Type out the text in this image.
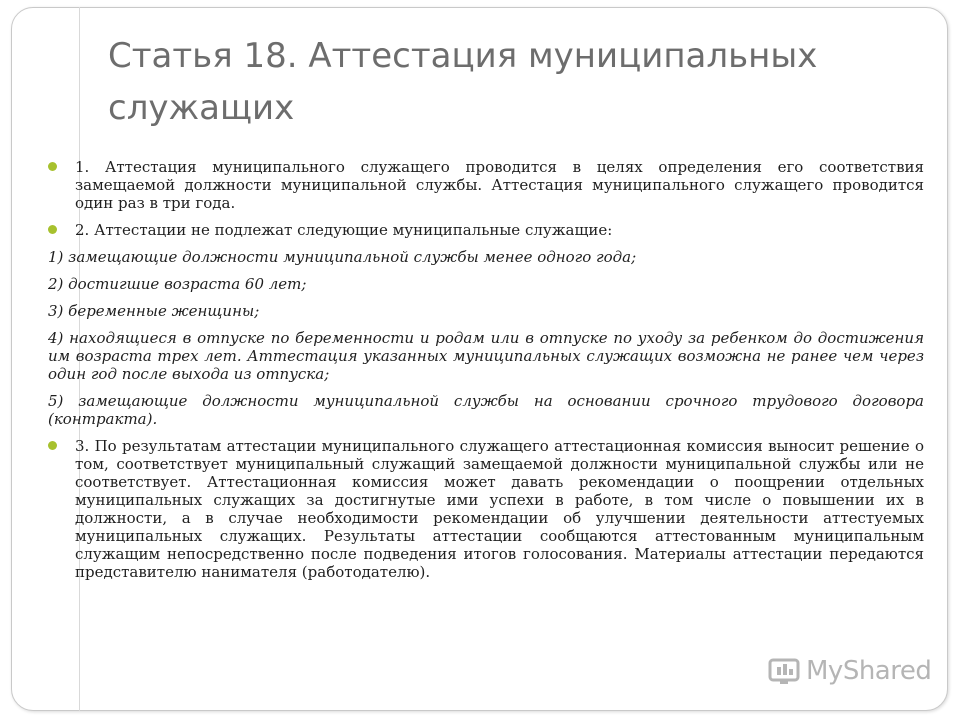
Статья 18. Аттестация муниципальных служащих

1. Аттестация муниципального служащего проводится в целях определения его соответствия замещаемой должности муниципальной службы. Аттестация муниципального служащего проводится один раз в три года.

2. Аттестации не подлежат следующие муниципальные служащие:

1) замещающие должности муниципальной службы менее одного года;

2) достигшие возраста 60 лет;

3) беременные женщины;

4) находящиеся в отпуске по беременности и родам или в отпуске по уходу за ребенком до достижения им возраста трех лет. Аттестация указанных муниципальных служащих возможна не ранее чем через один год после выхода из отпуска;

5) замещающие должности муниципальной службы на основании срочного трудового договора (контракта).

3. По результатам аттестации муниципального служащего аттестационная комиссия выносит решение о том, соответствует муниципальный служащий замещаемой должности муниципальной службы или не соответствует. Аттестационная комиссия может давать рекомендации о поощрении отдельных муниципальных служащих за достигнутые ими успехи в работе, в том числе о повышении их в должности, а в случае необходимости рекомендации об улучшении деятельности аттестуемых муниципальных служащих. Результаты аттестации сообщаются аттестованным муниципальным служащим непосредственно после подведения итогов голосования. Материалы аттестации передаются представителю нанимателя (работодателю).

MyShared
